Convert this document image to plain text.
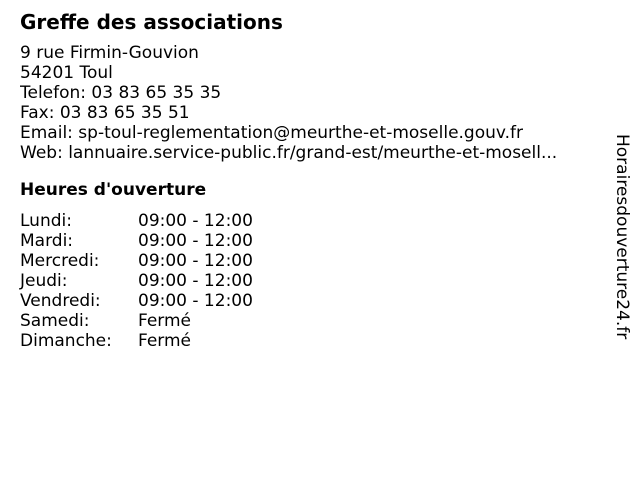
Greffe des associations
9 rue Firmin-Gouvion
54201 Toul
Telefon: 03 83 65 35 35
Fax: 03 83 65 35 51
Email: sp-toul-reglementation@meurthe-et-moselle.gouv.fr
Web: lannuaire.service-public.fr/grand-est/meurthe-et-mosell...
Heures d'ouverture
Lundi:	09:00 - 12:00
Mardi:	09:00 - 12:00
Mercredi:	09:00 - 12:00
Jeudi:	09:00 - 12:00
Vendredi:	09:00 - 12:00
Samedi:	Fermé
Dimanche:	Fermé
Horairesdouverture24.fr
